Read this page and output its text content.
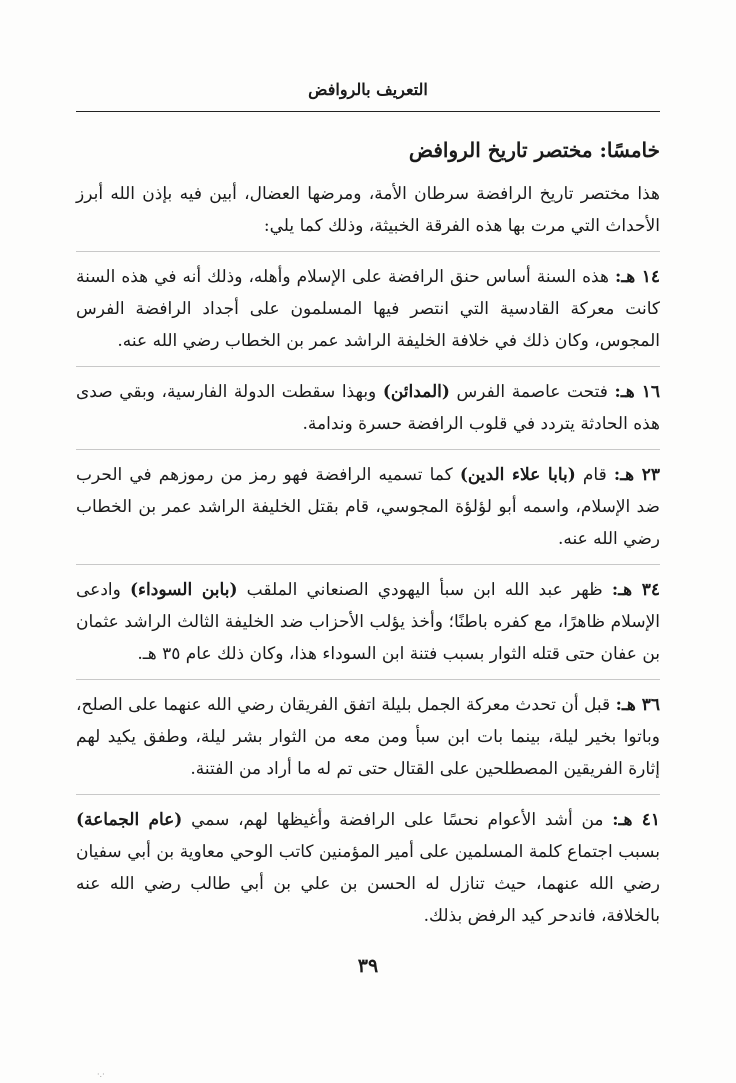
التعريف بالروافض
خامسًا: مختصر تاريخ الروافض

هذا مختصر تاريخ الرافضة سرطان الأمة، ومرضها العضال، أبين فيه بإذن الله أبرز الأحداث التي مرت بها هذه الفرقة الخبيثة، وذلك كما يلي:

١٤ هـ: هذه السنة أساس حنق الرافضة على الإسلام وأهله، وذلك أنه في هذه السنة كانت معركة القادسية التي انتصر فيها المسلمون على أجداد الرافضة الفرس المجوس، وكان ذلك في خلافة الخليفة الراشد عمر بن الخطاب رضي الله عنه.

١٦ هـ: فتحت عاصمة الفرس (المدائن) وبهذا سقطت الدولة الفارسية، وبقي صدى هذه الحادثة يتردد في قلوب الرافضة حسرة وندامة.

٢٣ هـ: قام (بابا علاء الدين) كما تسميه الرافضة فهو رمز من رموزهم في الحرب ضد الإسلام، واسمه أبو لؤلؤة المجوسي، قام بقتل الخليفة الراشد عمر بن الخطاب رضي الله عنه.

٣٤ هـ: ظهر عبد الله ابن سبأ اليهودي الصنعاني الملقب (بابن السوداء) وادعى الإسلام ظاهرًا، مع كفره باطنًا؛ وأخذ يؤلب الأحزاب ضد الخليفة الثالث الراشد عثمان بن عفان حتى قتله الثوار بسبب فتنة ابن السوداء هذا، وكان ذلك عام ٣٥ هـ.

٣٦ هـ: قبل أن تحدث معركة الجمل بليلة اتفق الفريقان رضي الله عنهما على الصلح، وباتوا بخير ليلة، بينما بات ابن سبأ ومن معه من الثوار بشر ليلة، وطفق يكيد لهم إثارة الفريقين المصطلحين على القتال حتى تم له ما أراد من الفتنة.

٤١ هـ: من أشد الأعوام نحسًا على الرافضة وأغيظها لهم، سمي (عام الجماعة) بسبب اجتماع كلمة المسلمين على أمير المؤمنين كاتب الوحي معاوية بن أبي سفيان رضي الله عنهما، حيث تنازل له الحسن بن علي بن أبي طالب رضي الله عنه بالخلافة، فاندحر كيد الرفض بذلك.

٣٩
·.·
